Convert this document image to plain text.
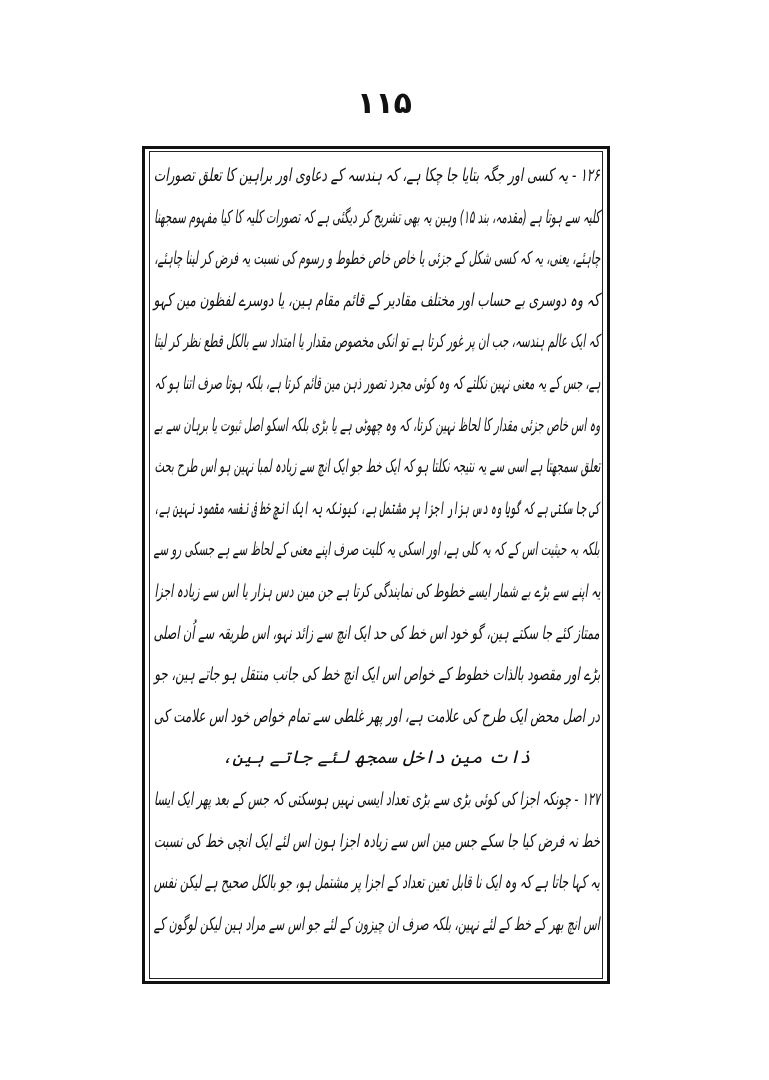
۱۱۵
۱۲۶ - یہ کسی اور جگہ بتایا جا چکا ہے، کہ ہندسہ کے دعاوی اور براہین کا تعلق تصورات
کلیہ سے ہوتا ہے (مقدمہ، بند ۱۵) وہین یہ بھی تشریح کر دیگئی ہے کہ تصورات کلیہ کا کیا مفہوم سمجھنا
چاہئے، یعنی، یہ کہ کسی شکل کے جزئی یا خاص خاص خطوط و رسوم کی نسبت یہ فرض کر لینا چاہئے،
کہ وہ دوسری بے حساب اور مختلف مقادیر کے قائم مقام ہین، یا دوسرے لفظون مین کہو
کہ ایک عالم ہندسہ، جب ان پر غور کرتا ہے تو انکی مخصوص مقدار یا امتداد سے بالکل قطع نظر کر لیتا
ہے، جس کے یہ معنی نہین نکلتے کہ وہ کوئی مجرد تصور ذہن مین قائم کرتا ہے، بلکہ ہوتا صرف اتنا ہو کہ
وہ اس خاص جزئی مقدار کا لحاظ نہین کرتا، کہ وہ چھوٹی ہے یا بڑی بلکہ اسکو اصل ثبوت یا برہان سے بے
تعلق سمجھتا ہے اسی سے یہ نتیجہ نکلتا ہو کہ ایک خط جو ایک انچ سے زیادہ لمبا نہین ہو اس طرح بحث
کی جا سکتی ہے کہ گویا وہ دس ہزار اجزا پر مشتمل ہے، کیونکہ یہ ایک انچ خط فی نفسہ مقصود نہین ہے،
بلکہ بہ حیثیت اس کے کہ یہ کلی ہے، اور اسکی یہ کلیت صرف اپنے معنی کے لحاظ سے ہے جسکی رو سے
یہ اپنے سے بڑے بے شمار ایسے خطوط کی نمایندگی کرتا ہے جن مین دس ہزار یا اس سے زیادہ اجزا
ممتاز کئے جا سکتے ہین، گو خود اس خط کی حد ایک انچ سے زائد نہو، اس طریقہ سے اُن اصلی
بڑے اور مقصود بالذات خطوط کے خواص اس ایک انچ خط کی جانب منتقل ہو جاتے ہین، جو
در اصل محض ایک طرح کی علامت ہے، اور پھر غلطی سے تمام خواص خود اس علامت کی
ذات مین داخل سمجھ لئے جاتے ہین،
۱۲۷ - چونکہ اجزا کی کوئی بڑی سے بڑی تعداد ایسی نہیں ہوسکتی کہ جس کے بعد پھر ایک ایسا
خط نہ فرض کیا جا سکے جس مین اس سے زیادہ اجزا ہون اس لئے ایک انچی خط کی نسبت
یہ کہا جاتا ہے کہ وہ ایک نا قابل تعین تعداد کے اجزا پر مشتمل ہو، جو بالکل صحیح ہے لیکن نفس
اس انچ بھر کے خط کے لئے نہین، بلکہ صرف ان چیزون کے لئے جو اس سے مراد ہین لیکن لوگون کے
